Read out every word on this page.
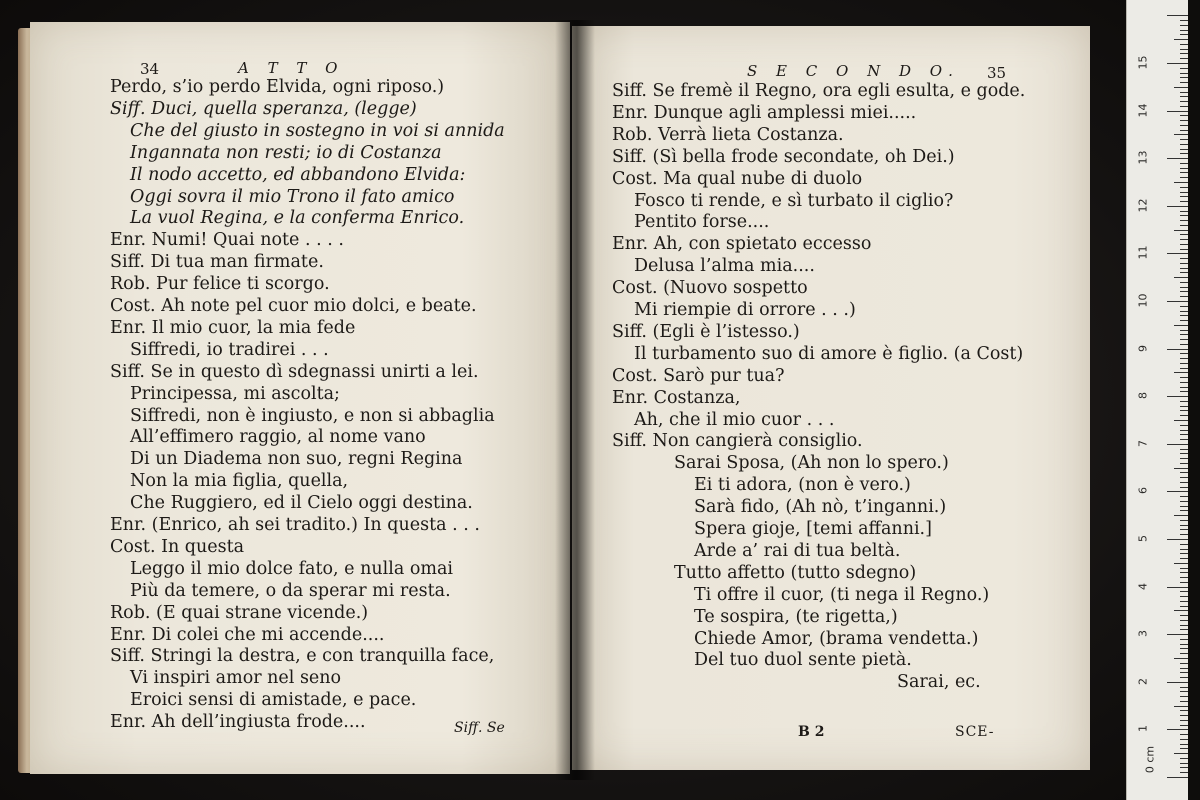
34	A T T O
Perdo, s’io perdo Elvida, ogni riposo.)
Siff. Duci, quella speranza, (legge)
Che del giusto in sostegno in voi si annida
Ingannata non resti; io di Costanza
Il nodo accetto, ed abbandono Elvida:
Oggi sovra il mio Trono il fato amico
La vuol Regina, e la conferma Enrico.
Enr. Numi! Quai note . . . .
Siff. Di tua man firmate.
Rob. Pur felice ti scorgo.
Cost. Ah note pel cuor mio dolci, e beate.
Enr. Il mio cuor, la mia fede
Siffredi, io tradirei . . .
Siff. Se in questo dì sdegnassi unirti a lei.
Principessa, mi ascolta;
Siffredi, non è ingiusto, e non si abbaglia
All’effimero raggio, al nome vano
Di un Diadema non suo, regni Regina
Non la mia figlia, quella,
Che Ruggiero, ed il Cielo oggi destina.
Enr. (Enrico, ah sei tradito.) In questa . . .
Cost. In questa
Leggo il mio dolce fato, e nulla omai
Più da temere, o da sperar mi resta.
Rob. (E quai strane vicende.)
Enr. Di colei che mi accende....
Siff. Stringi la destra, e con tranquilla face,
Vi inspiri amor nel seno
Eroici sensi di amistade, e pace.
Enr. Ah dell’ingiusta frode....	Siff. Se
S E C O N D O. 35
Siff. Se fremè il Regno, ora egli esulta, e gode.
Enr. Dunque agli amplessi miei.....
Rob. Verrà lieta Costanza.
Siff. (Sì bella frode secondate, oh Dei.)
Cost. Ma qual nube di duolo
Fosco ti rende, e sì turbato il ciglio?
Pentito forse....
Enr. Ah, con spietato eccesso
Delusa l’alma mia....
Cost. (Nuovo sospetto
Mi riempie di orrore . . .)
Siff. (Egli è l’istesso.)
Il turbamento suo di amore è figlio. (a Cost)
Cost. Sarò pur tua?
Enr. Costanza,
Ah, che il mio cuor . . .
Siff. Non cangierà consiglio.
Sarai Sposa, (Ah non lo spero.)
Ei ti adora, (non è vero.)
Sarà fido, (Ah nò, t’inganni.)
Spera gioje, [temi affanni.]
Arde a’ rai di tua beltà.
Tutto affetto (tutto sdegno)
Ti offre il cuor, (ti nega il Regno.)
Te sospira, (te rigetta,)
Chiede Amor, (brama vendetta.)
Del tuo duol sente pietà.
Sarai, ec.
B 2	SCE-
0 cm
1
2
3
4
5
6
7
8
9
10
11
12
13
14
15
